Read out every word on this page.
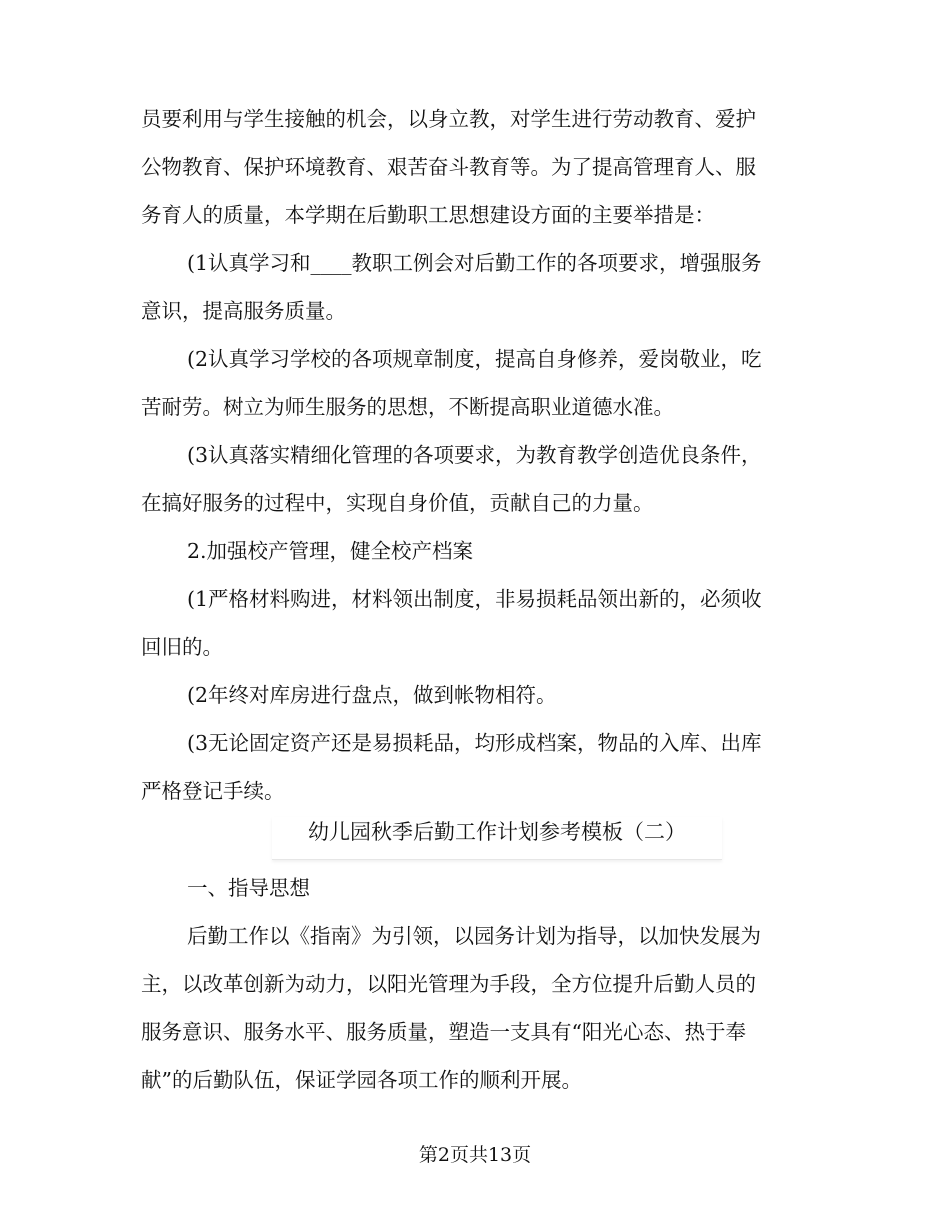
员要利用与学生接触的机会，以身立教，对学生进行劳动教育、爱护
公物教育、保护环境教育、艰苦奋斗教育等。为了提高管理育人、服
务育人的质量，本学期在后勤职工思想建设方面的主要举措是：
(1认真学习和____教职工例会对后勤工作的各项要求，增强服务
意识，提高服务质量。
(2认真学习学校的各项规章制度，提高自身修养，爱岗敬业，吃
苦耐劳。树立为师生服务的思想，不断提高职业道德水准。
(3认真落实精细化管理的各项要求，为教育教学创造优良条件，
在搞好服务的过程中，实现自身价值，贡献自己的力量。
2.加强校产管理，健全校产档案
(1严格材料购进，材料领出制度，非易损耗品领出新的，必须收
回旧的。
(2年终对库房进行盘点，做到帐物相符。
(3无论固定资产还是易损耗品，均形成档案，物品的入库、出库
严格登记手续。
幼儿园秋季后勤工作计划参考模板（二）
一、指导思想
后勤工作以《指南》为引领，以园务计划为指导，以加快发展为
主，以改革创新为动力，以阳光管理为手段，全方位提升后勤人员的
服务意识、服务水平、服务质量，塑造一支具有“阳光心态、热于奉
献”的后勤队伍，保证学园各项工作的顺利开展。
第2页共13页
